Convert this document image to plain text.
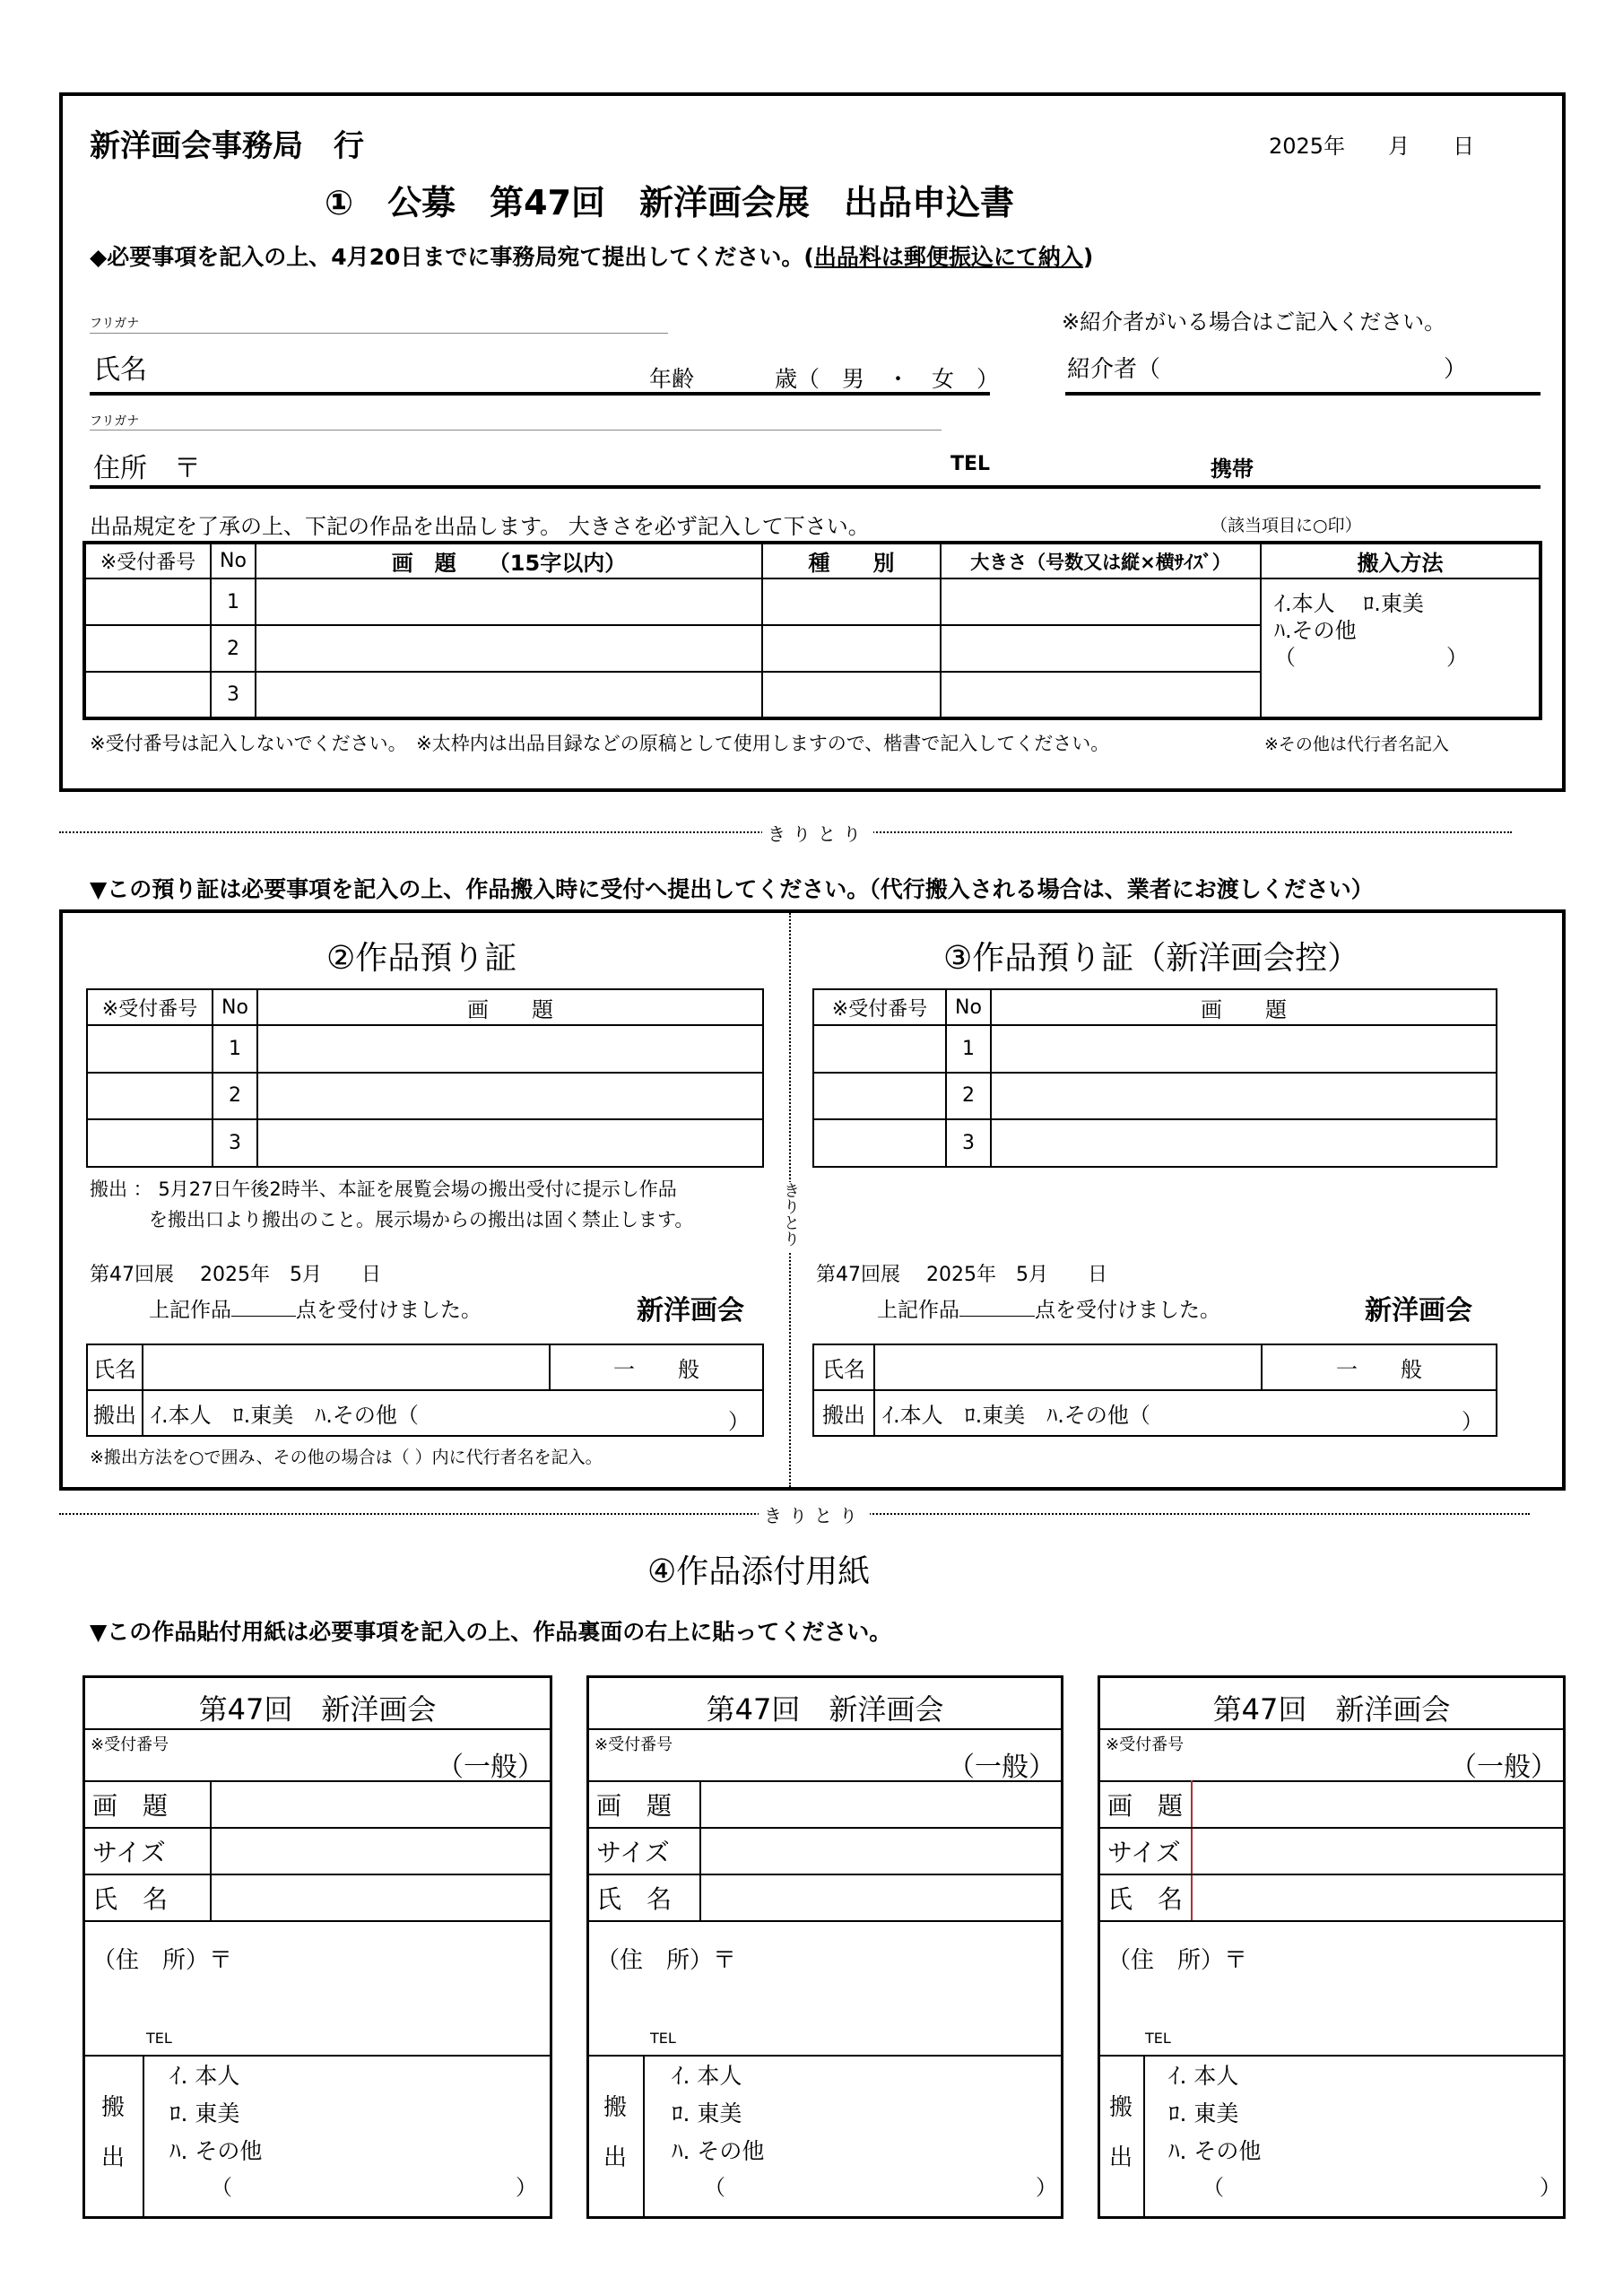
新洋画会事務局　行	2025年　　月　　日
①　公募　第47回　新洋画会展　出品申込書
◆必要事項を記入の上、4月20日までに事務局宛て提出してください。(出品料は郵便振込にて納入)
フリガナ
氏名	年齢	歳（　男　・　女　）
※紹介者がいる場合はご記入ください。
紹介者（	）
フリガナ
住所　〒	TEL	携帯
出品規定を了承の上、下記の作品を出品します。 大きさを必ず記入して下さい。	（該当項目に○印）
※受付番号	No	画　題　　（15字以内）	種　　別	大きさ（号数又は縦×横ｻｲｽﾞ）	搬入方法
	1				ｲ.本人　 ﾛ.東美
ﾊ.その他
（　　　　　　　）

	2				
	3				
※受付番号は記入しないでください。　※太枠内は出品目録などの原稿として使用しますので、楷書で記入してください。	※その他は代行者名記入
きりとり
▼この預り証は必要事項を記入の上、作品搬入時に受付へ提出してください。（代行搬入される場合は、業者にお渡しください）
きりとり
②作品預り証
※受付番号	No	画　　題
	1	
	2	
	3	
搬出 ： 5月27日午後2時半、本証を展覧会場の搬出受付に提示し作品
を搬出口より搬出のこと。展示場からの搬出は固く禁止します。
第47回展　 2025年　5月　　日
上記作品	点を受付けました。	新洋画会
氏名		一　　般
搬出	ｲ.本人　ﾛ.東美　ﾊ.その他（ ）	
※搬出方法を○で囲み、その他の場合は（ ）内に代行者名を記入。
③作品預り証（新洋画会控）
※受付番号	No	画　　題
	1	
	2	
	3	
第47回展　 2025年　5月　　日
上記作品	点を受付けました。	新洋画会
氏名		一　　般
搬出	ｲ.本人　ﾛ.東美　ﾊ.その他（ ）	
きりとり
④作品添付用紙
▼この作品貼付用紙は必要事項を記入の上、作品裏面の右上に貼ってください。
第47回　新洋画会
※受付番号
（一般）
画　題	
サイズ	
氏　名	
（住　所）〒
TEL
搬
出
ｲ. 本人
ﾛ. 東美
ﾊ. その他
（	）
第47回　新洋画会
※受付番号
（一般）
画　題	
サイズ	
氏　名	
（住　所）〒
TEL
搬
出
ｲ. 本人
ﾛ. 東美
ﾊ. その他
（	）
第47回　新洋画会
※受付番号
（一般）
画　題	
サイズ	
氏　名	
（住　所）〒
TEL
搬
出
ｲ. 本人
ﾛ. 東美
ﾊ. その他
（	）
